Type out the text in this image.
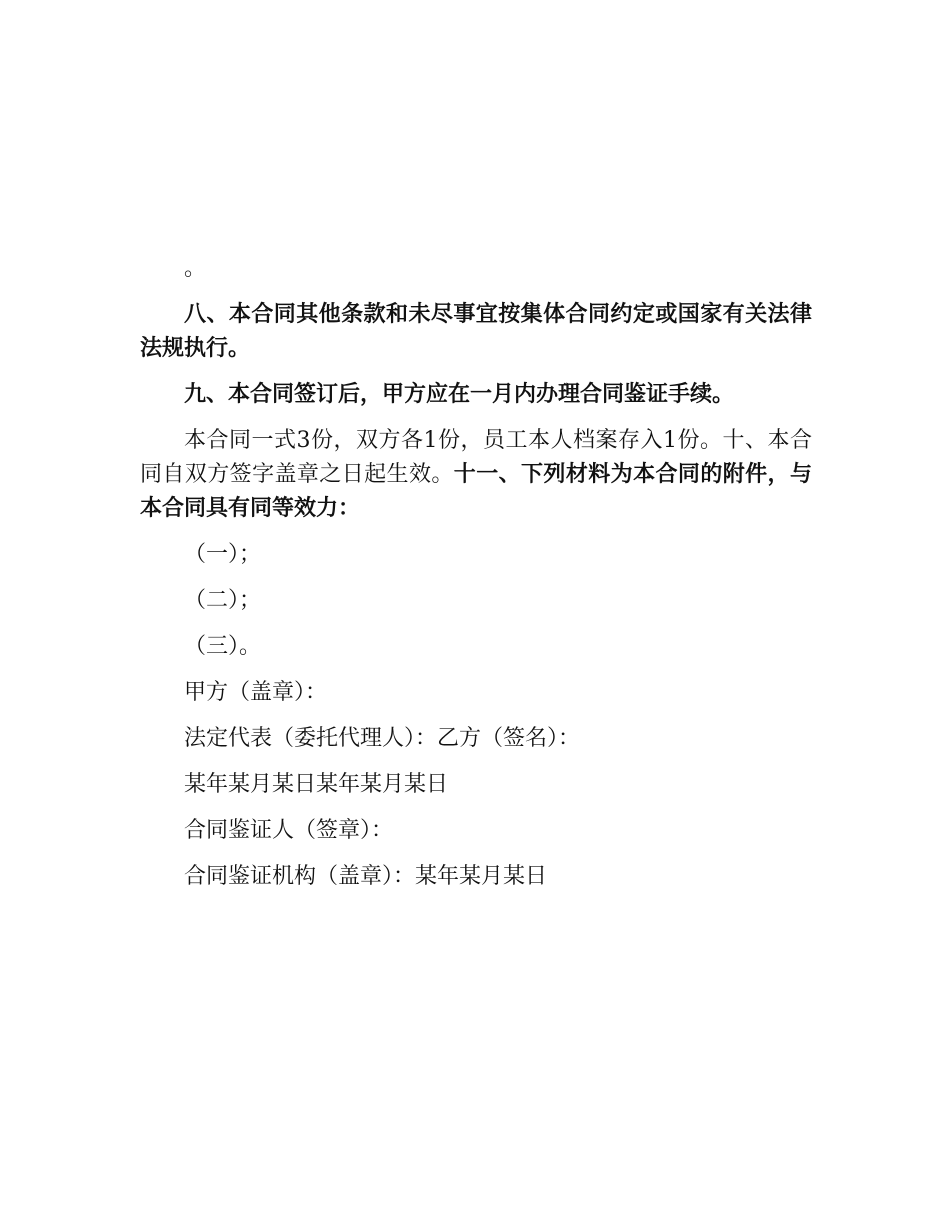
。

八、本合同其他条款和未尽事宜按集体合同约定或国家有关法律法规执行。

九、本合同签订后，甲方应在一月内办理合同鉴证手续。

本合同一式3份，双方各1份，员工本人档案存入1份。十、本合同自双方签字盖章之日起生效。十一、下列材料为本合同的附件，与本合同具有同等效力：

（一）；

（二）；

（三）。

甲方（盖章）：

法定代表（委托代理人）：乙方（签名）：

某年某月某日某年某月某日

合同鉴证人（签章）：

合同鉴证机构（盖章）：某年某月某日
